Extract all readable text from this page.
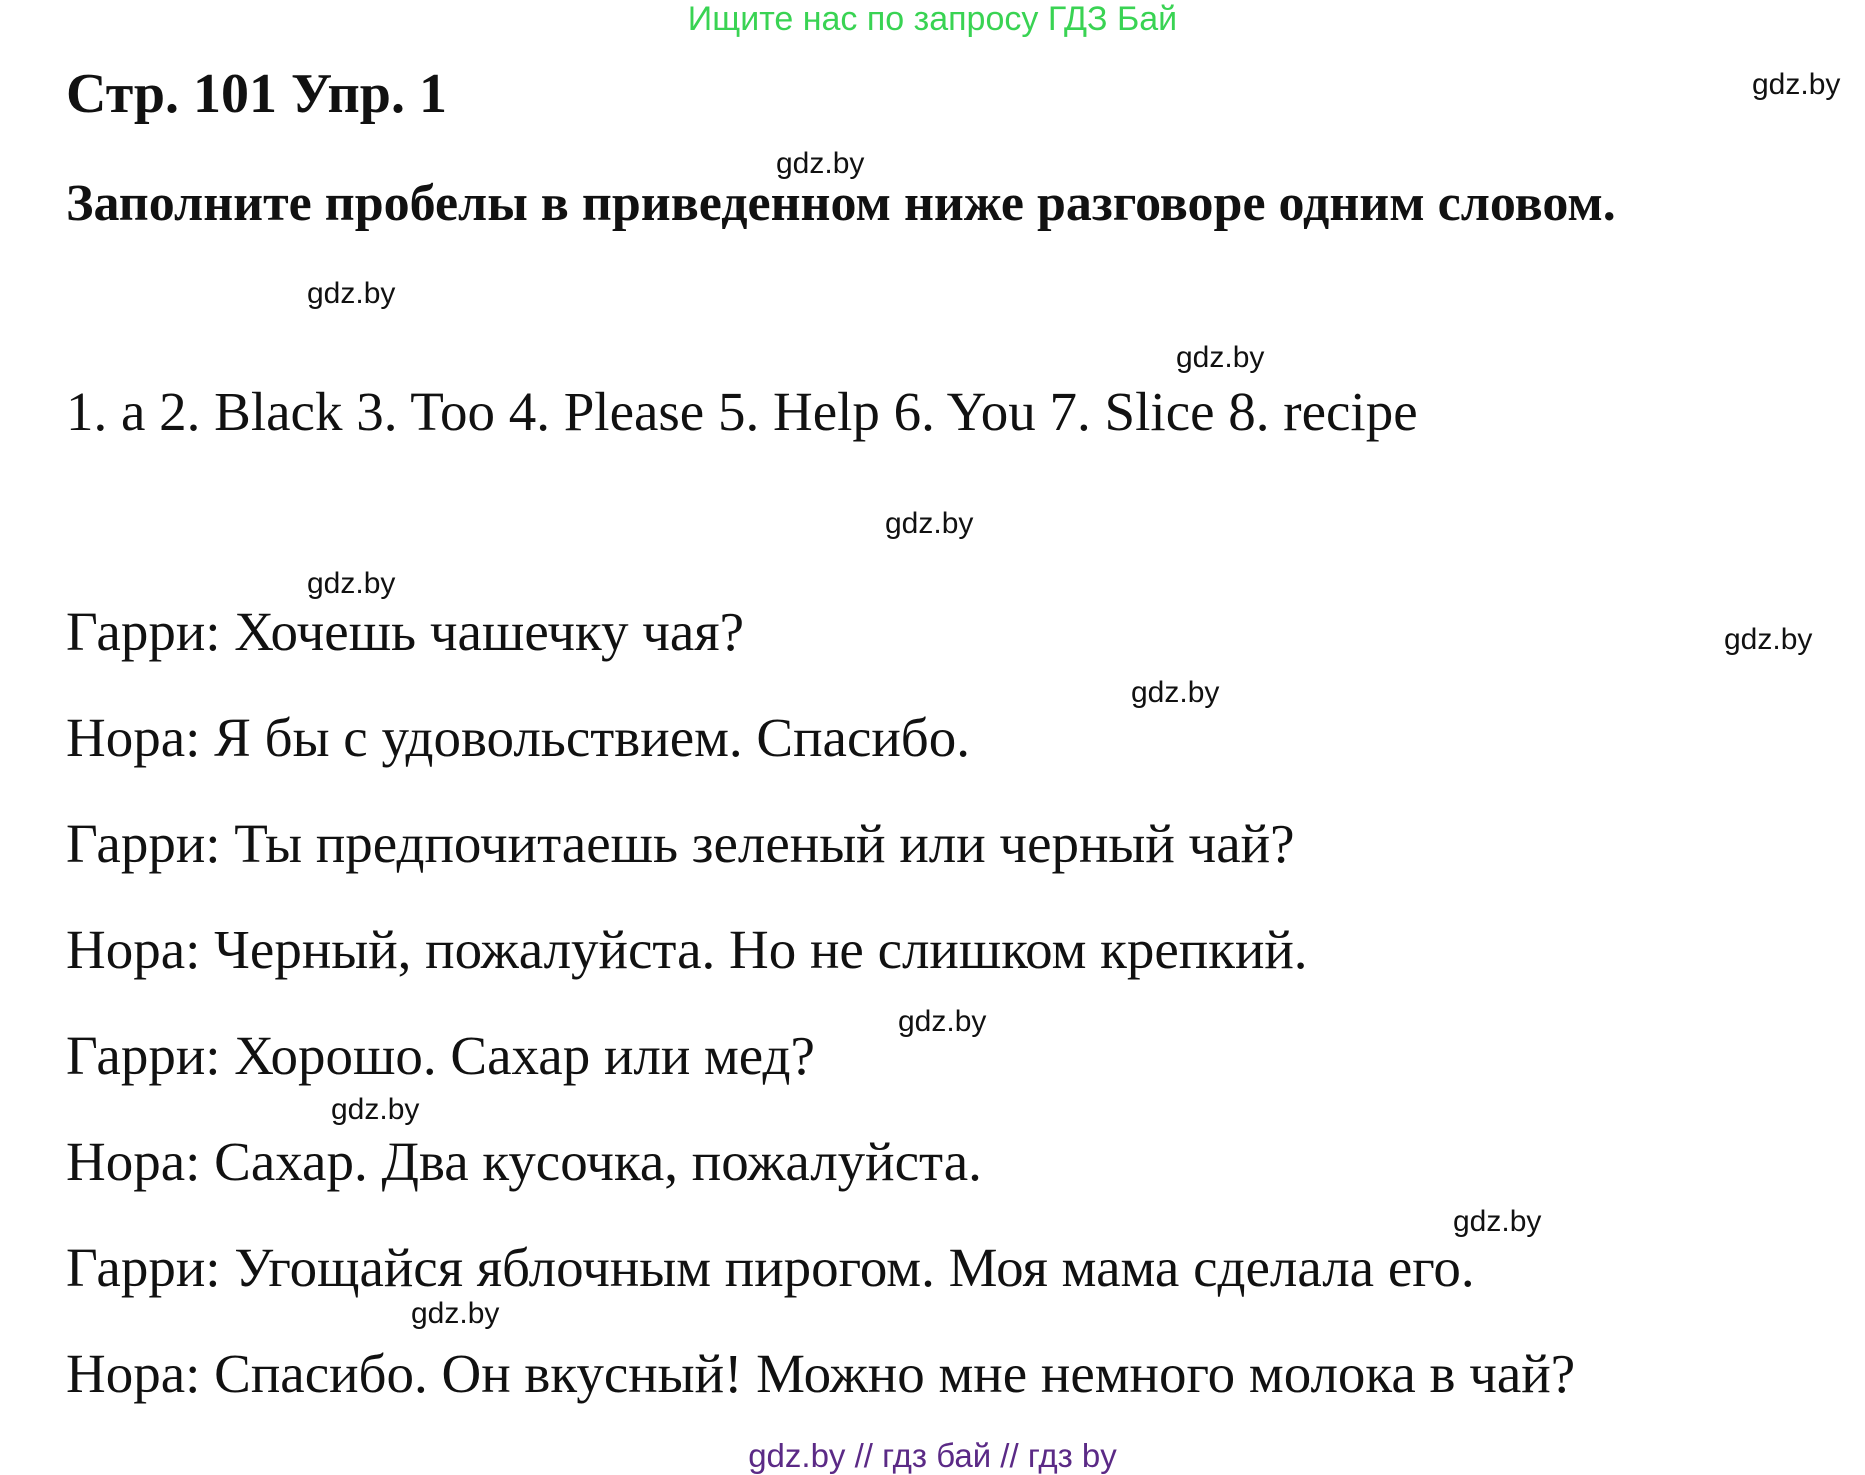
Ищите нас по запросу ГДЗ Бай
Стр. 101 Упр. 1
Заполните пробелы в приведенном ниже разговоре одним словом.
1. a 2. Black 3. Too 4. Please 5. Help 6. You 7. Slice 8. recipe
Гарри: Хочешь чашечку чая?
Нора: Я бы с удовольствием. Спасибо.
Гарри: Ты предпочитаешь зеленый или черный чай?
Нора: Черный, пожалуйста. Но не слишком крепкий.
Гарри: Хорошо. Сахар или мед?
Нора: Сахар. Два кусочка, пожалуйста.
Гарри: Угощайся яблочным пирогом. Моя мама сделала его.
Нора: Спасибо. Он вкусный! Можно мне немного молока в чай?
gdz.by
gdz.by
gdz.by
gdz.by
gdz.by
gdz.by
gdz.by
gdz.by
gdz.by
gdz.by
gdz.by
gdz.by
gdz.by // гдз бай // гдз by
